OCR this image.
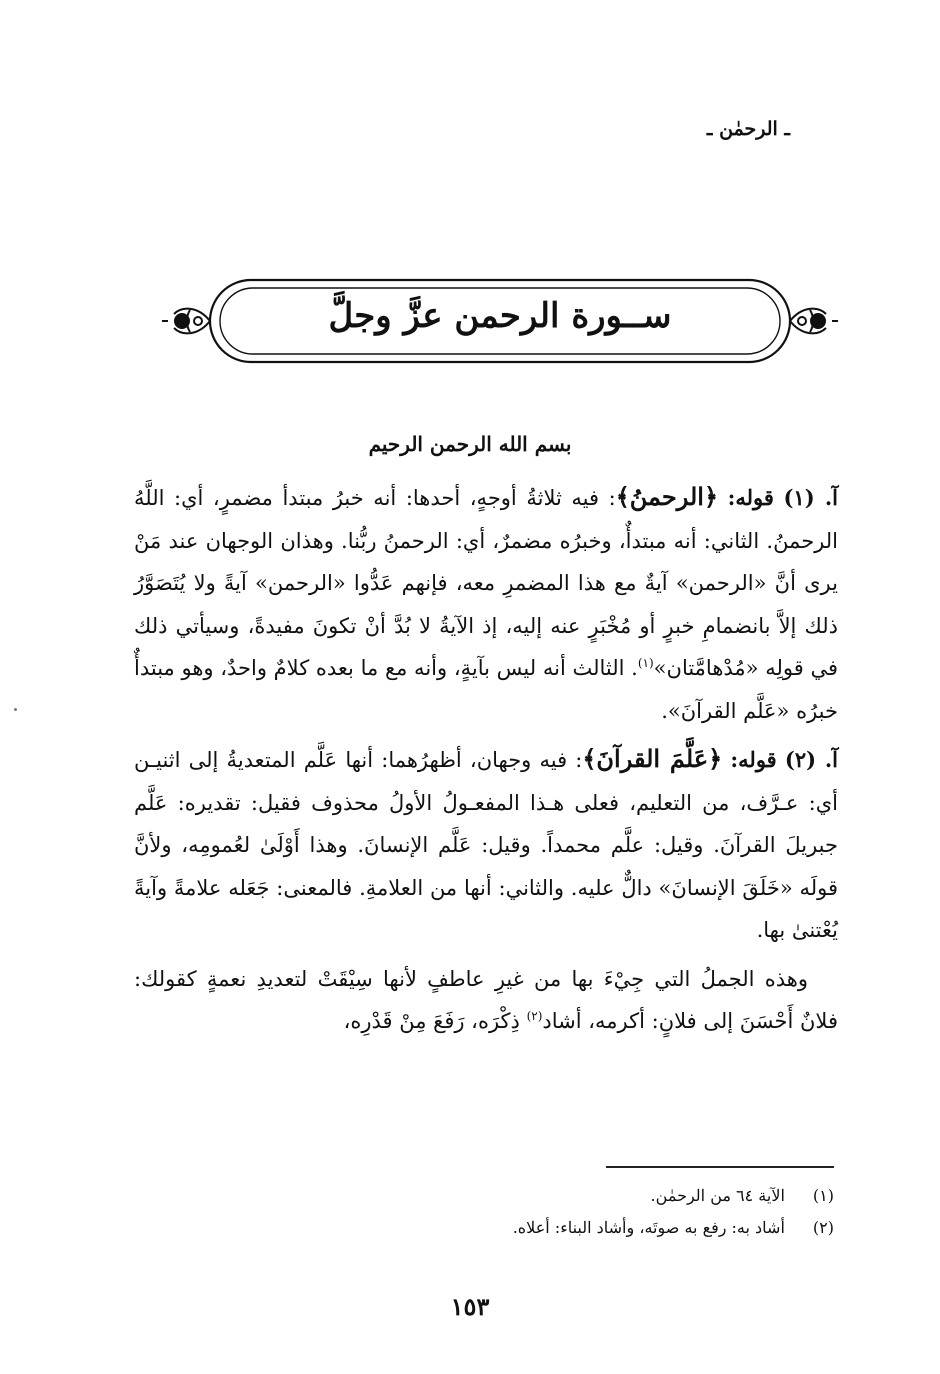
ـ الرحمٰن ـ
ســورة الرحمن عزَّ وجلَّ
بسم الله الرحمن الرحيم

آ. (١) قوله: ﴿الرحمنُ﴾: فيه ثلاثةُ أوجهٍ، أحدها: أنه خبرُ مبتدأ مضمرٍ، أي: اللَّهُ الرحمنُ. الثاني: أنه مبتدأٌ، وخبرُه مضمرٌ، أي: الرحمنُ ربُّنا. وهذان الوجهان عند مَنْ يرى أنَّ «الرحمن» آيةٌ مع هذا المضمرِ معه، فإنهم عَدُّوا «الرحمن» آيةً ولا يُتَصَوَّرُ ذلك إلاَّ بانضمامِ خبرٍ أو مُخْبَرٍ عنه إليه، إذ الآيةُ لا بُدَّ أنْ تكونَ مفيدةً، وسيأتي ذلك في قولِه «مُدْهامَّتان»$^{(١)}$. الثالث أنه ليس بآيةٍ، وأنه مع ما بعده كلامٌ واحدٌ، وهو مبتدأٌ خبرُه «عَلَّم القرآنَ».

آ. (٢) قوله: ﴿عَلَّمَ القرآنَ﴾: فيه وجهان، أظهرُهما: أنها عَلَّم المتعديةُ إلى اثنيـن أي: عـرَّف، من التعليم، فعلى هـذا المفعـولُ الأولُ محذوف فقيل: تقديره: عَلَّم جبريلَ القرآنَ. وقيل: علَّم محمداً. وقيل: عَلَّم الإنسانَ. وهذا أَوْلَىٰ لعُمومِه، ولأنَّ قولَه «خَلَقَ الإنسانَ» دالٌّ عليه. والثاني: أنها من العلامةِ. فالمعنى: جَعَله علامةً وآيةً يُعْتنىٰ بها.

وهذه الجملُ التي جِيْءَ بها من غيرِ عاطفٍ لأنها سِيْقَتْ لتعديدِ نعمةٍ كقولك: فلانٌ أَحْسَنَ إلى فلانٍ: أكرمه، أشاد$^{(٢)}$ ذِكْرَه، رَفَعَ مِنْ قَدْرِه،

(١) الآية ٦٤ من الرحمٰن.
(٢) أشاد به: رفع به صوتَه، وأشاد البناء: أعلاه.
١٥٣
